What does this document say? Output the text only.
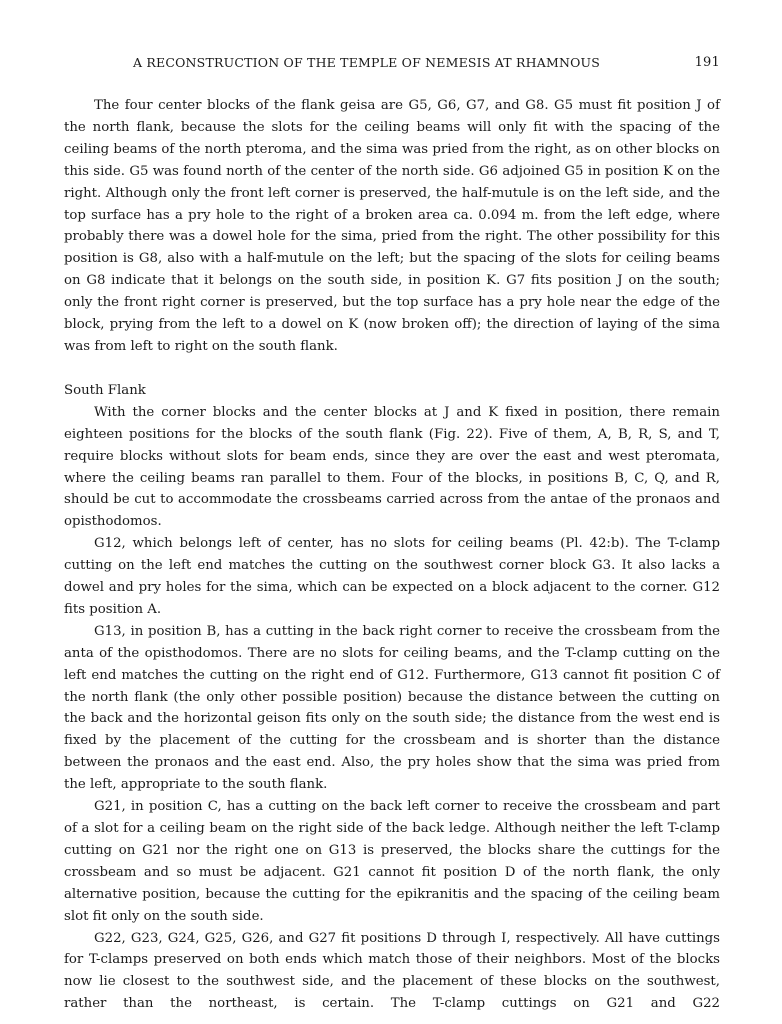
A RECONSTRUCTION OF THE TEMPLE OF NEMESIS AT RHAMNOUS	191

The four center blocks of the flank geisa are G5, G6, G7, and G8. G5 must fit position J of the north flank, because the slots for the ceiling beams will only fit with the spacing of the ceiling beams of the north pteroma, and the sima was pried from the right, as on other blocks on this side. G5 was found north of the center of the north side. G6 adjoined G5 in position K on the right. Although only the front left corner is preserved, the half-mutule is on the left side, and the top surface has a pry hole to the right of a broken area ca. 0.094 m. from the left edge, where probably there was a dowel hole for the sima, pried from the right. The other possibility for this position is G8, also with a half-mutule on the left; but the spacing of the slots for ceiling beams on G8 indicate that it belongs on the south side, in position K. G7 fits position J on the south; only the front right corner is preserved, but the top surface has a pry hole near the edge of the block, prying from the left to a dowel on K (now broken off); the direction of laying of the sima was from left to right on the south flank.

South Flank

With the corner blocks and the center blocks at J and K fixed in position, there remain eighteen positions for the blocks of the south flank (Fig. 22). Five of them, A, B, R, S, and T, require blocks without slots for beam ends, since they are over the east and west pteromata, where the ceiling beams ran parallel to them. Four of the blocks, in positions B, C, Q, and R, should be cut to accommodate the crossbeams carried across from the antae of the pronaos and opisthodomos.

G12, which belongs left of center, has no slots for ceiling beams (Pl. 42:b). The T-clamp cutting on the left end matches the cutting on the southwest corner block G3. It also lacks a dowel and pry holes for the sima, which can be expected on a block adjacent to the corner. G12 fits position A.

G13, in position B, has a cutting in the back right corner to receive the crossbeam from the anta of the opisthodomos. There are no slots for ceiling beams, and the T-clamp cutting on the left end matches the cutting on the right end of G12. Furthermore, G13 cannot fit position C of the north flank (the only other possible position) because the distance between the cutting on the back and the horizontal geison fits only on the south side; the distance from the west end is fixed by the placement of the cutting for the crossbeam and is shorter than the distance between the pronaos and the east end. Also, the pry holes show that the sima was pried from the left, appropriate to the south flank.

G21, in position C, has a cutting on the back left corner to receive the crossbeam and part of a slot for a ceiling beam on the right side of the back ledge. Although neither the left T-clamp cutting on G21 nor the right one on G13 is preserved, the blocks share the cuttings for the crossbeam and so must be adjacent. G21 cannot fit position D of the north flank, the only alternative position, because the cutting for the epikranitis and the spacing of the ceiling beam slot fit only on the south side.

G22, G23, G24, G25, G26, and G27 fit positions D through I, respectively. All have cuttings for T-clamps preserved on both ends which match those of their neighbors. Most of the blocks now lie closest to the southwest side, and the placement of these blocks on the southwest, rather than the northeast, is certain. The T-clamp cuttings on G21 and G22
